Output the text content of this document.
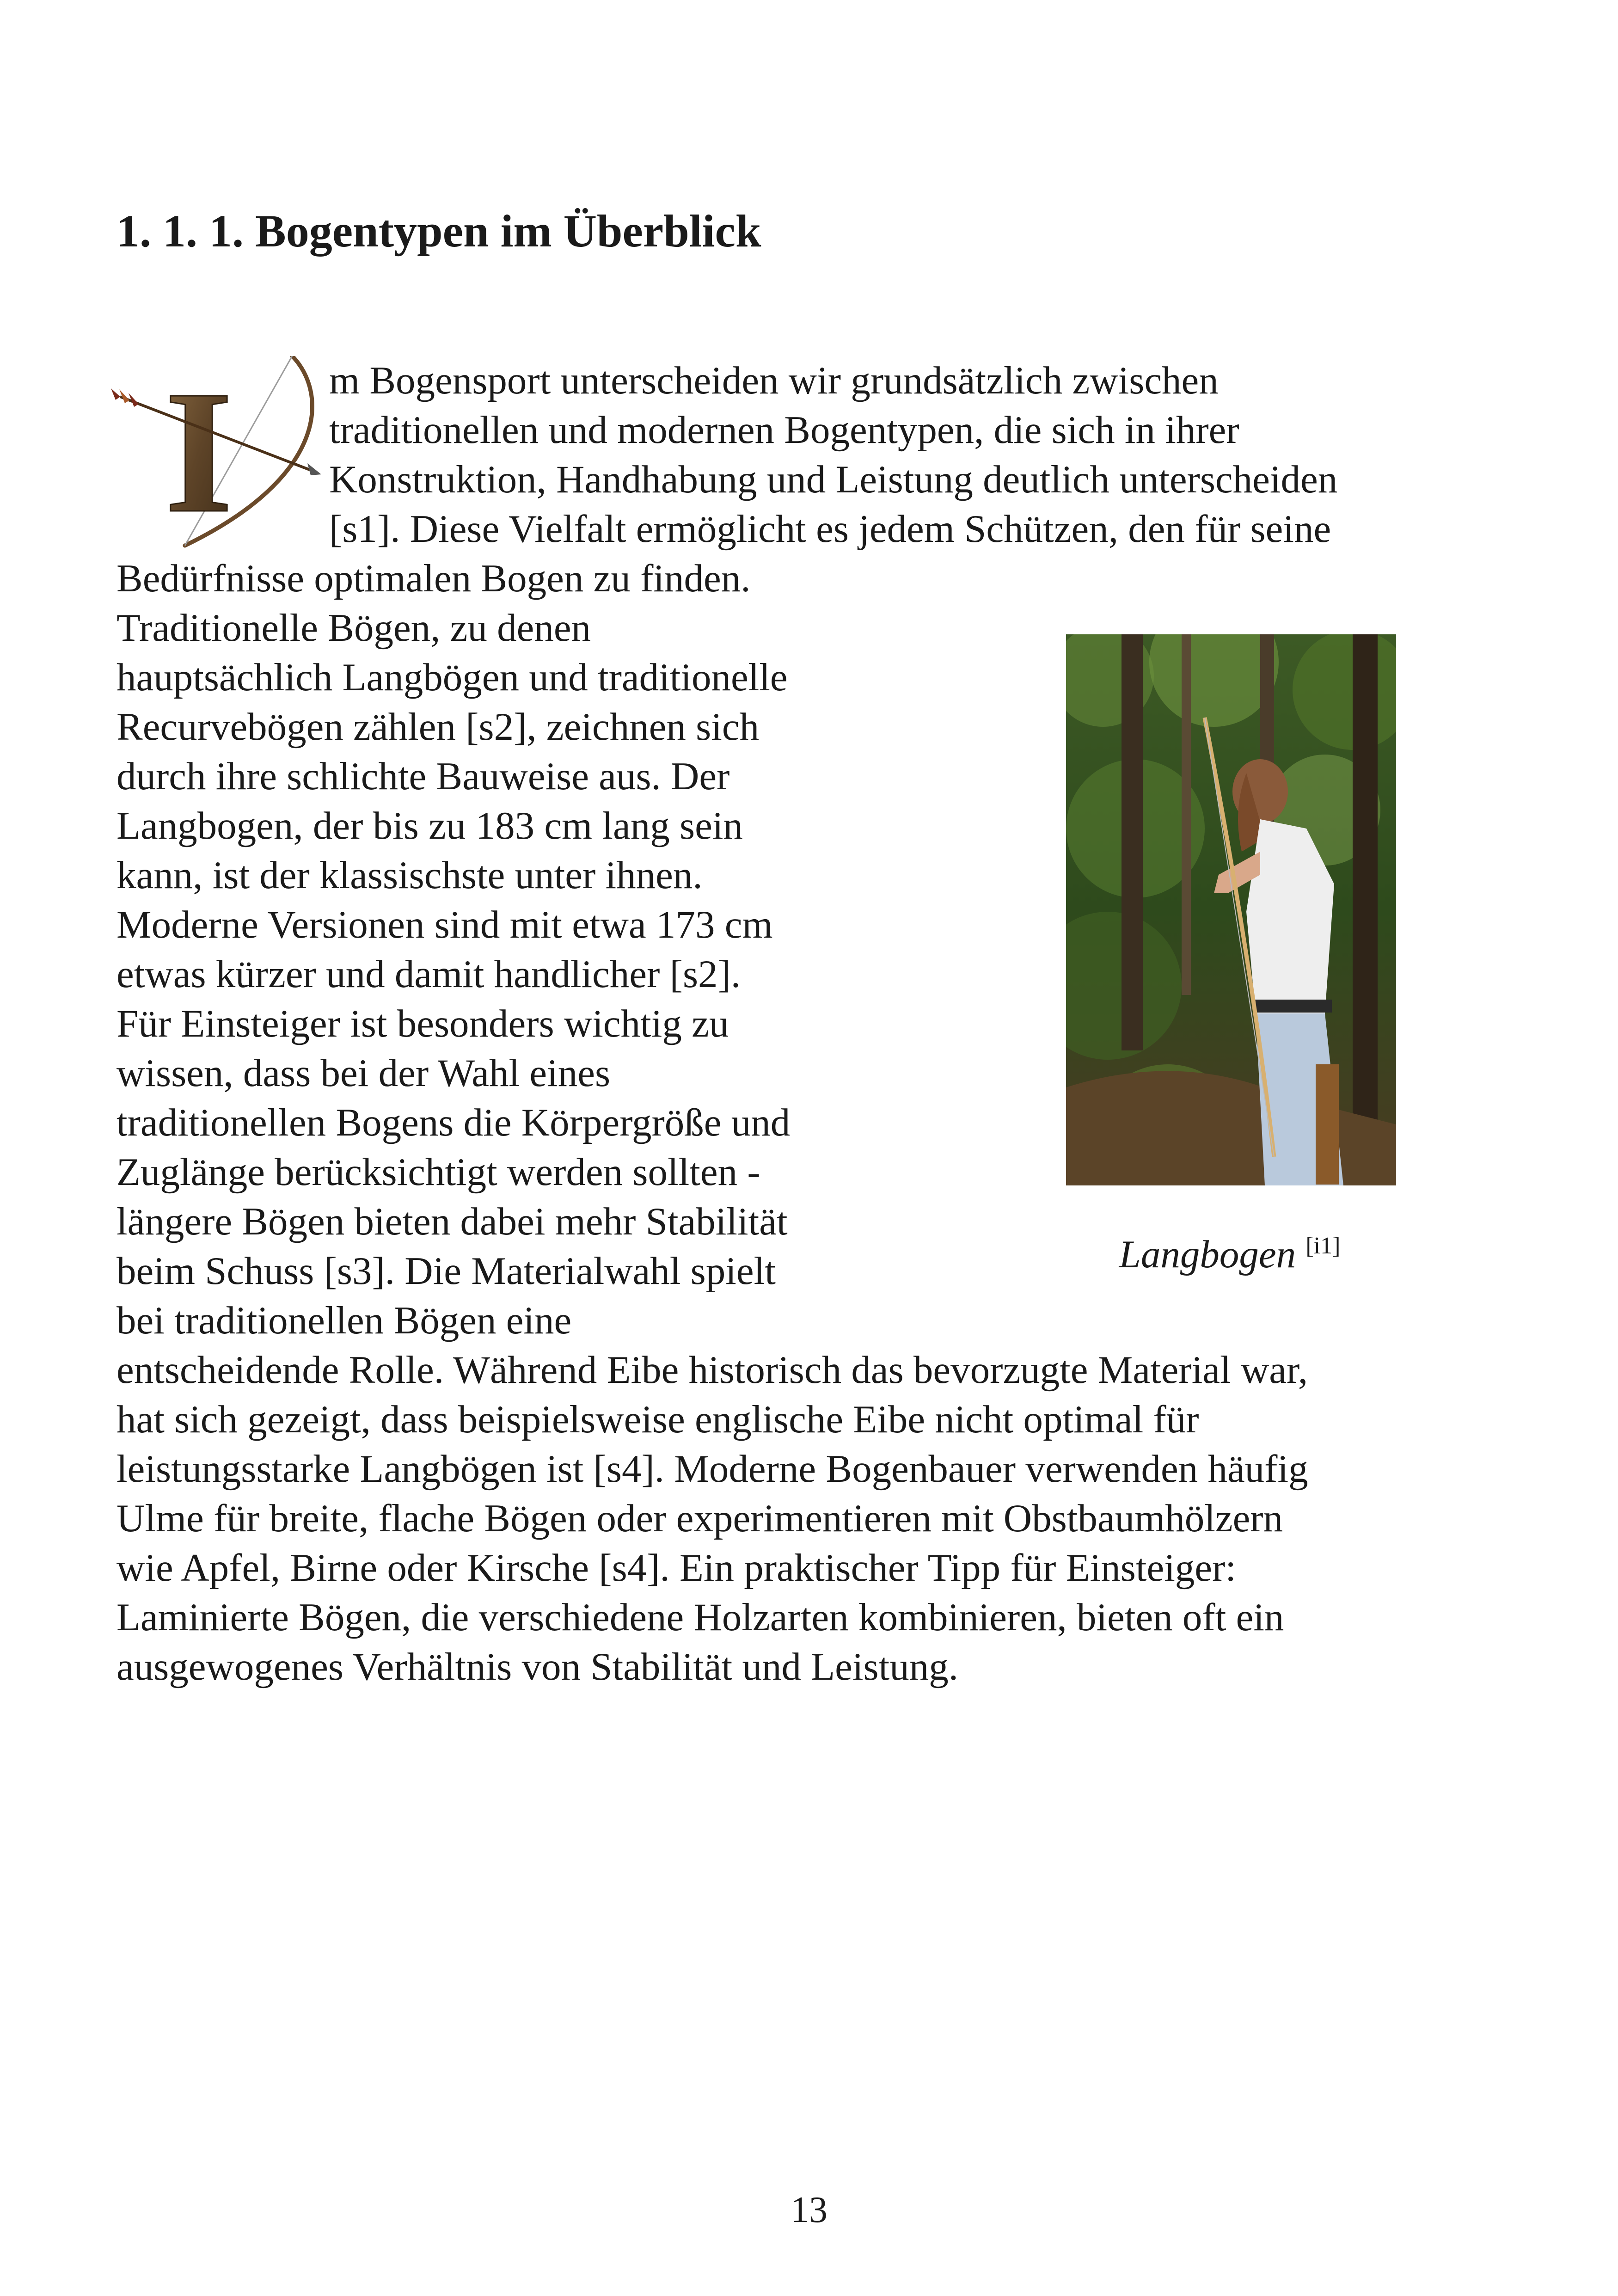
1. 1. 1. Bogentypen im Überblick
I m Bogensport unterscheiden wir grundsätzlich zwischen
traditionellen und modernen Bogentypen, die sich in ihrer
Konstruktion, Handhabung und Leistung deutlich unterscheiden
[s1]. Diese Vielfalt ermöglicht es jedem Schützen, den für seine
Bedürfnisse optimalen Bogen zu finden.
Traditionelle Bögen, zu denen
hauptsächlich Langbögen und traditionelle
Recurvebögen zählen [s2], zeichnen sich
durch ihre schlichte Bauweise aus. Der
Langbogen, der bis zu 183 cm lang sein
kann, ist der klassischste unter ihnen.
Moderne Versionen sind mit etwa 173 cm
etwas kürzer und damit handlicher [s2].
Für Einsteiger ist besonders wichtig zu
wissen, dass bei der Wahl eines
traditionellen Bogens die Körpergröße und
Zuglänge berücksichtigt werden sollten -
längere Bögen bieten dabei mehr Stabilität
beim Schuss [s3]. Die Materialwahl spielt
bei traditionellen Bögen eine
Langbogen [i1]
entscheidende Rolle. Während Eibe historisch das bevorzugte Material war,
hat sich gezeigt, dass beispielsweise englische Eibe nicht optimal für
leistungsstarke Langbögen ist [s4]. Moderne Bogenbauer verwenden häufig
Ulme für breite, flache Bögen oder experimentieren mit Obstbaumhölzern
wie Apfel, Birne oder Kirsche [s4]. Ein praktischer Tipp für Einsteiger:
Laminierte Bögen, die verschiedene Holzarten kombinieren, bieten oft ein
ausgewogenes Verhältnis von Stabilität und Leistung.
13
